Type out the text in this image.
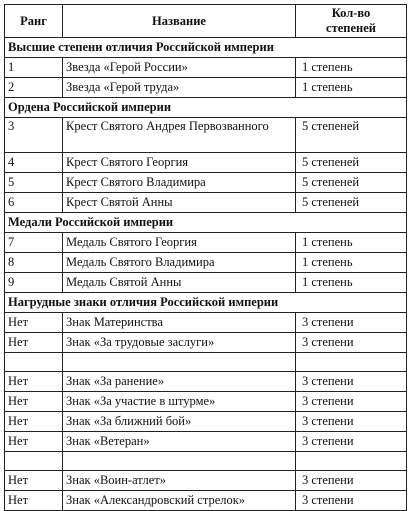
Ранг	Название	Кол-во степеней
Высшие степени отличия Российской империи		
1	Звезда «Герой России»	1 степень
2	Звезда «Герой труда»	1 степень
Ордена Российской империи		
3	Крест Святого Андрея Первозванного	5 степеней
4	Крест Святого Георгия	5 степеней
5	Крест Святого Владимира	5 степеней
6	Крест Святой Анны	5 степеней
Медали Российской империи		
7	Медаль Святого Георгия	1 степень
8	Медаль Святого Владимира	1 степень
9	Медаль Святой Анны	1 степень
Нагрудные знаки отличия Российской империи		
Нет	Знак Материнства	3 степени
Нет	Знак «За трудовые заслуги»	3 степени

Нет	Знак «За ранение»	3 степени
Нет	Знак «За участие в штурме»	3 степени
Нет	Знак «За ближний бой»	3 степени
Нет	Знак «Ветеран»	3 степени

Нет	Знак «Воин-атлет»	3 степени
Нет	Знак «Александровский стрелок»	3 степени
